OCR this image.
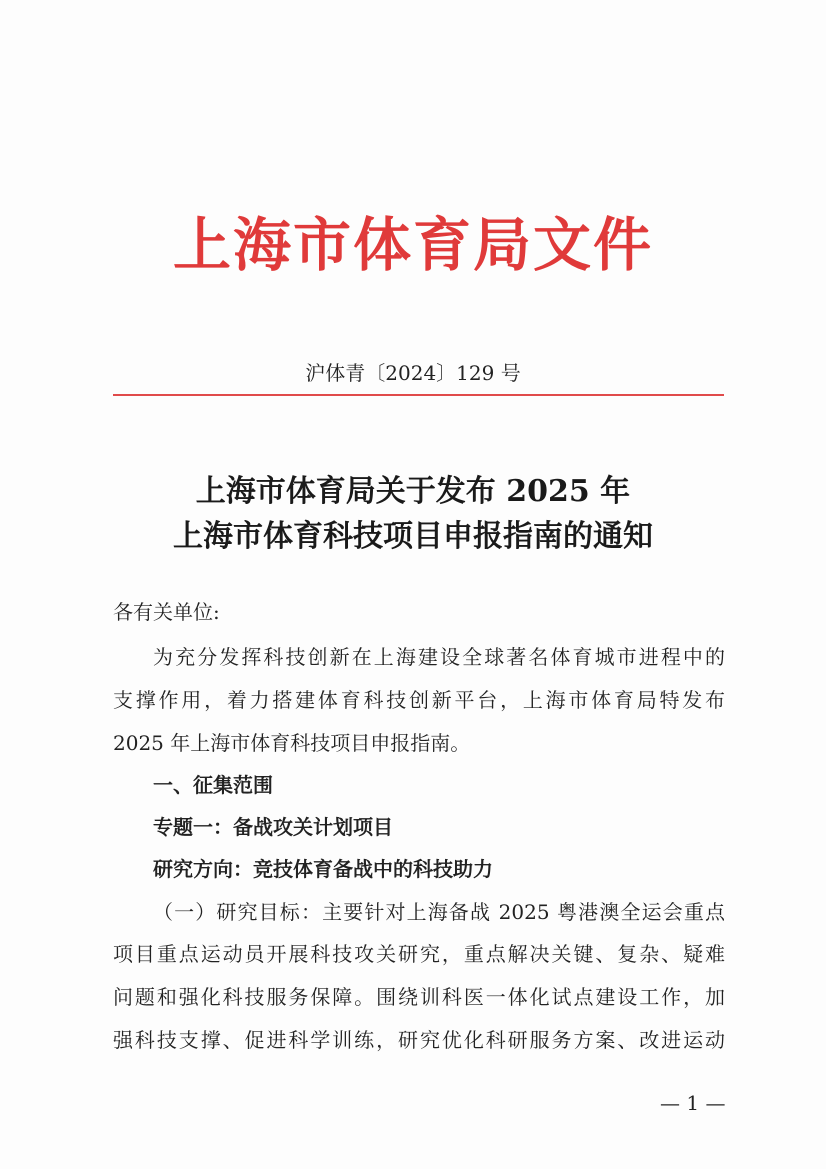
上海市体育局文件
沪体青〔2024〕129 号
上海市体育局关于发布 2025 年
上海市体育科技项目申报指南的通知
各有关单位:
为充分发挥科技创新在上海建设全球著名体育城市进程中的
支撑作用，着力搭建体育科技创新平台，上海市体育局特发布
2025 年上海市体育科技项目申报指南。
一、征集范围
专题一：备战攻关计划项目
研究方向：竞技体育备战中的科技助力
（一）研究目标：主要针对上海备战 2025 粤港澳全运会重点
项目重点运动员开展科技攻关研究，重点解决关键、复杂、疑难
问题和强化科技服务保障。围绕训科医一体化试点建设工作，加
强科技支撑、促进科学训练，研究优化科研服务方案、改进运动
— 1 —
